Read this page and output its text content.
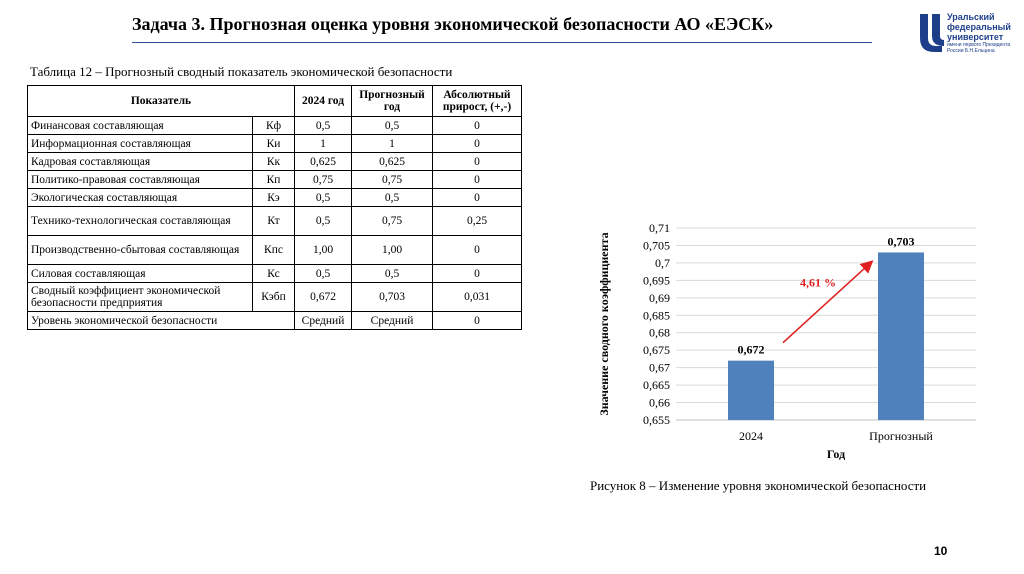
Задача 3. Прогнозная оценка уровня экономической безопасности АО «ЕЭСК»	Уральский
федеральный
университет
имени первого Президента
России Б.Н.Ельцина
Таблица 12 – Прогнозный сводный показатель экономической безопасности
Показатель		2024 год	Прогнозный год	Абсолютный прирост, (+,-)
Финансовая составляющая	Кф	0,5	0,5	0
Информационная составляющая	Ки	1	1	0
Кадровая составляющая	Кк	0,625	0,625	0
Политико-правовая составляющая	Кп	0,75	0,75	0
Экологическая составляющая	Кэ	0,5	0,5	0
Технико-технологическая составляющая	Кт	0,5	0,75	0,25
Производственно-сбытовая составляющая	Кпс	1,00	1,00	0
Силовая составляющая	Кс	0,5	0,5	0
Сводный коэффициент экономической безопасности предприятия	Кэбп	0,672	0,703	0,031
Уровень экономической безопасности		Средний	Средний	0
0,655
0,66
0,665
0,67
0,675
0,68
0,685
0,69
0,695
0,7
0,705
0,71
0,672
2024
0,703
Прогнозный
Год
Значение сводного коэффициента	4,61 %
Рисунок 8 – Изменение уровня экономической безопасности
10
